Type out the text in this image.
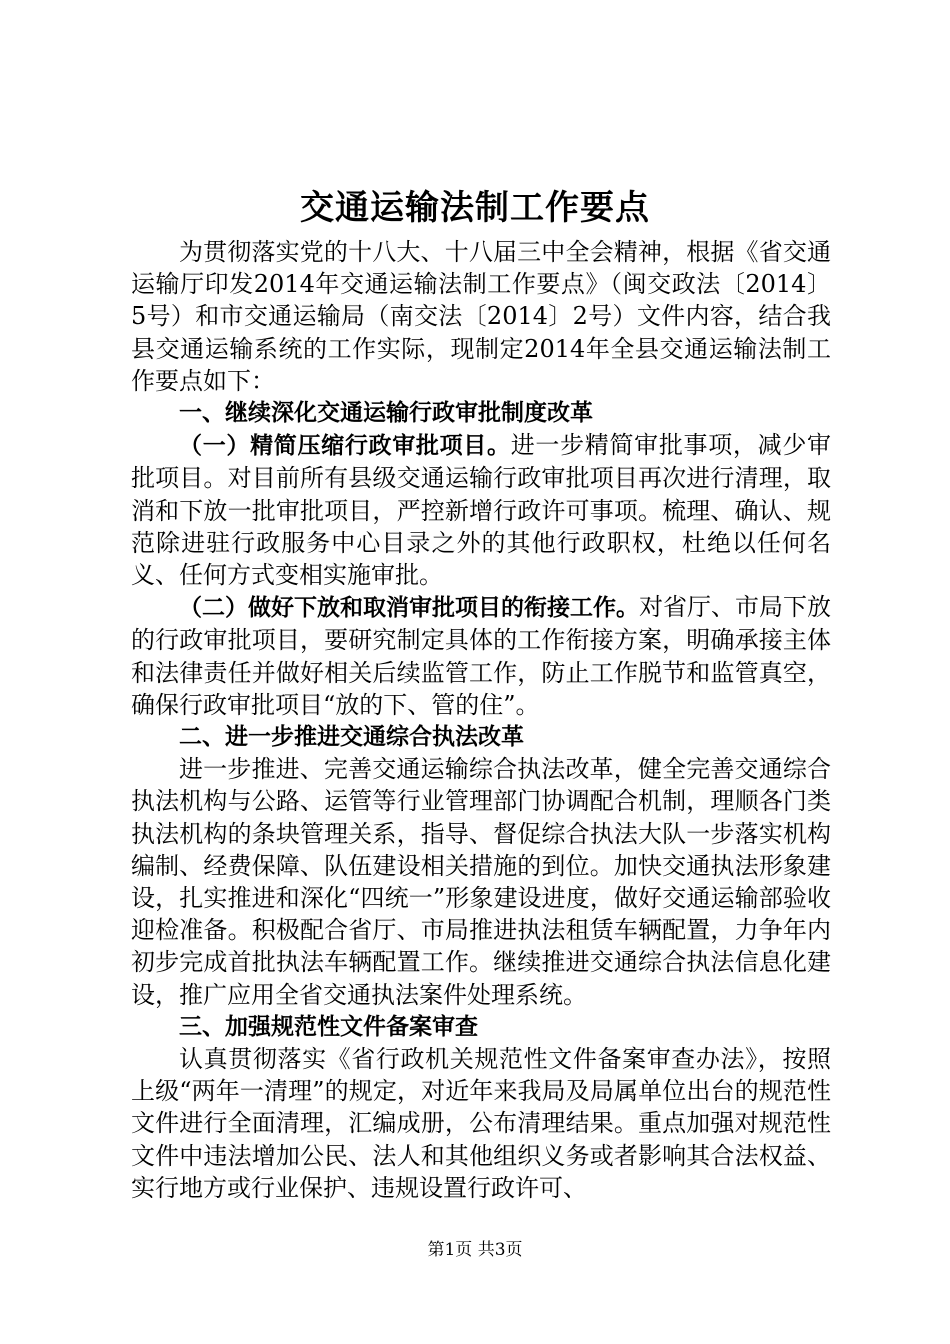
交通运输法制工作要点

为贯彻落实党的十八大、十八届三中全会精神，根据《省交通运输厅印发2014年交通运输法制工作要点》（闽交政法〔2014〕5号）和市交通运输局（南交法〔2014〕2号）文件内容，结合我县交通运输系统的工作实际，现制定2014年全县交通运输法制工作要点如下：

一、继续深化交通运输行政审批制度改革

（一）精简压缩行政审批项目。进一步精简审批事项，减少审批项目。对目前所有县级交通运输行政审批项目再次进行清理，取消和下放一批审批项目，严控新增行政许可事项。梳理、确认、规范除进驻行政服务中心目录之外的其他行政职权，杜绝以任何名义、任何方式变相实施审批。

（二）做好下放和取消审批项目的衔接工作。对省厅、市局下放的行政审批项目，要研究制定具体的工作衔接方案，明确承接主体和法律责任并做好相关后续监管工作，防止工作脱节和监管真空，确保行政审批项目“放的下、管的住”。

二、进一步推进交通综合执法改革

进一步推进、完善交通运输综合执法改革，健全完善交通综合执法机构与公路、运管等行业管理部门协调配合机制，理顺各门类执法机构的条块管理关系，指导、督促综合执法大队一步落实机构编制、经费保障、队伍建设相关措施的到位。加快交通执法形象建设，扎实推进和深化“四统一”形象建设进度，做好交通运输部验收迎检准备。积极配合省厅、市局推进执法租赁车辆配置，力争年内初步完成首批执法车辆配置工作。继续推进交通综合执法信息化建设，推广应用全省交通执法案件处理系统。

三、加强规范性文件备案审查

认真贯彻落实《省行政机关规范性文件备案审查办法》，按照上级“两年一清理”的规定，对近年来我局及局属单位出台的规范性文件进行全面清理，汇编成册，公布清理结果。重点加强对规范性文件中违法增加公民、法人和其他组织义务或者影响其合法权益、实行地方或行业保护、违规设置行政许可、

第1页 共3页
